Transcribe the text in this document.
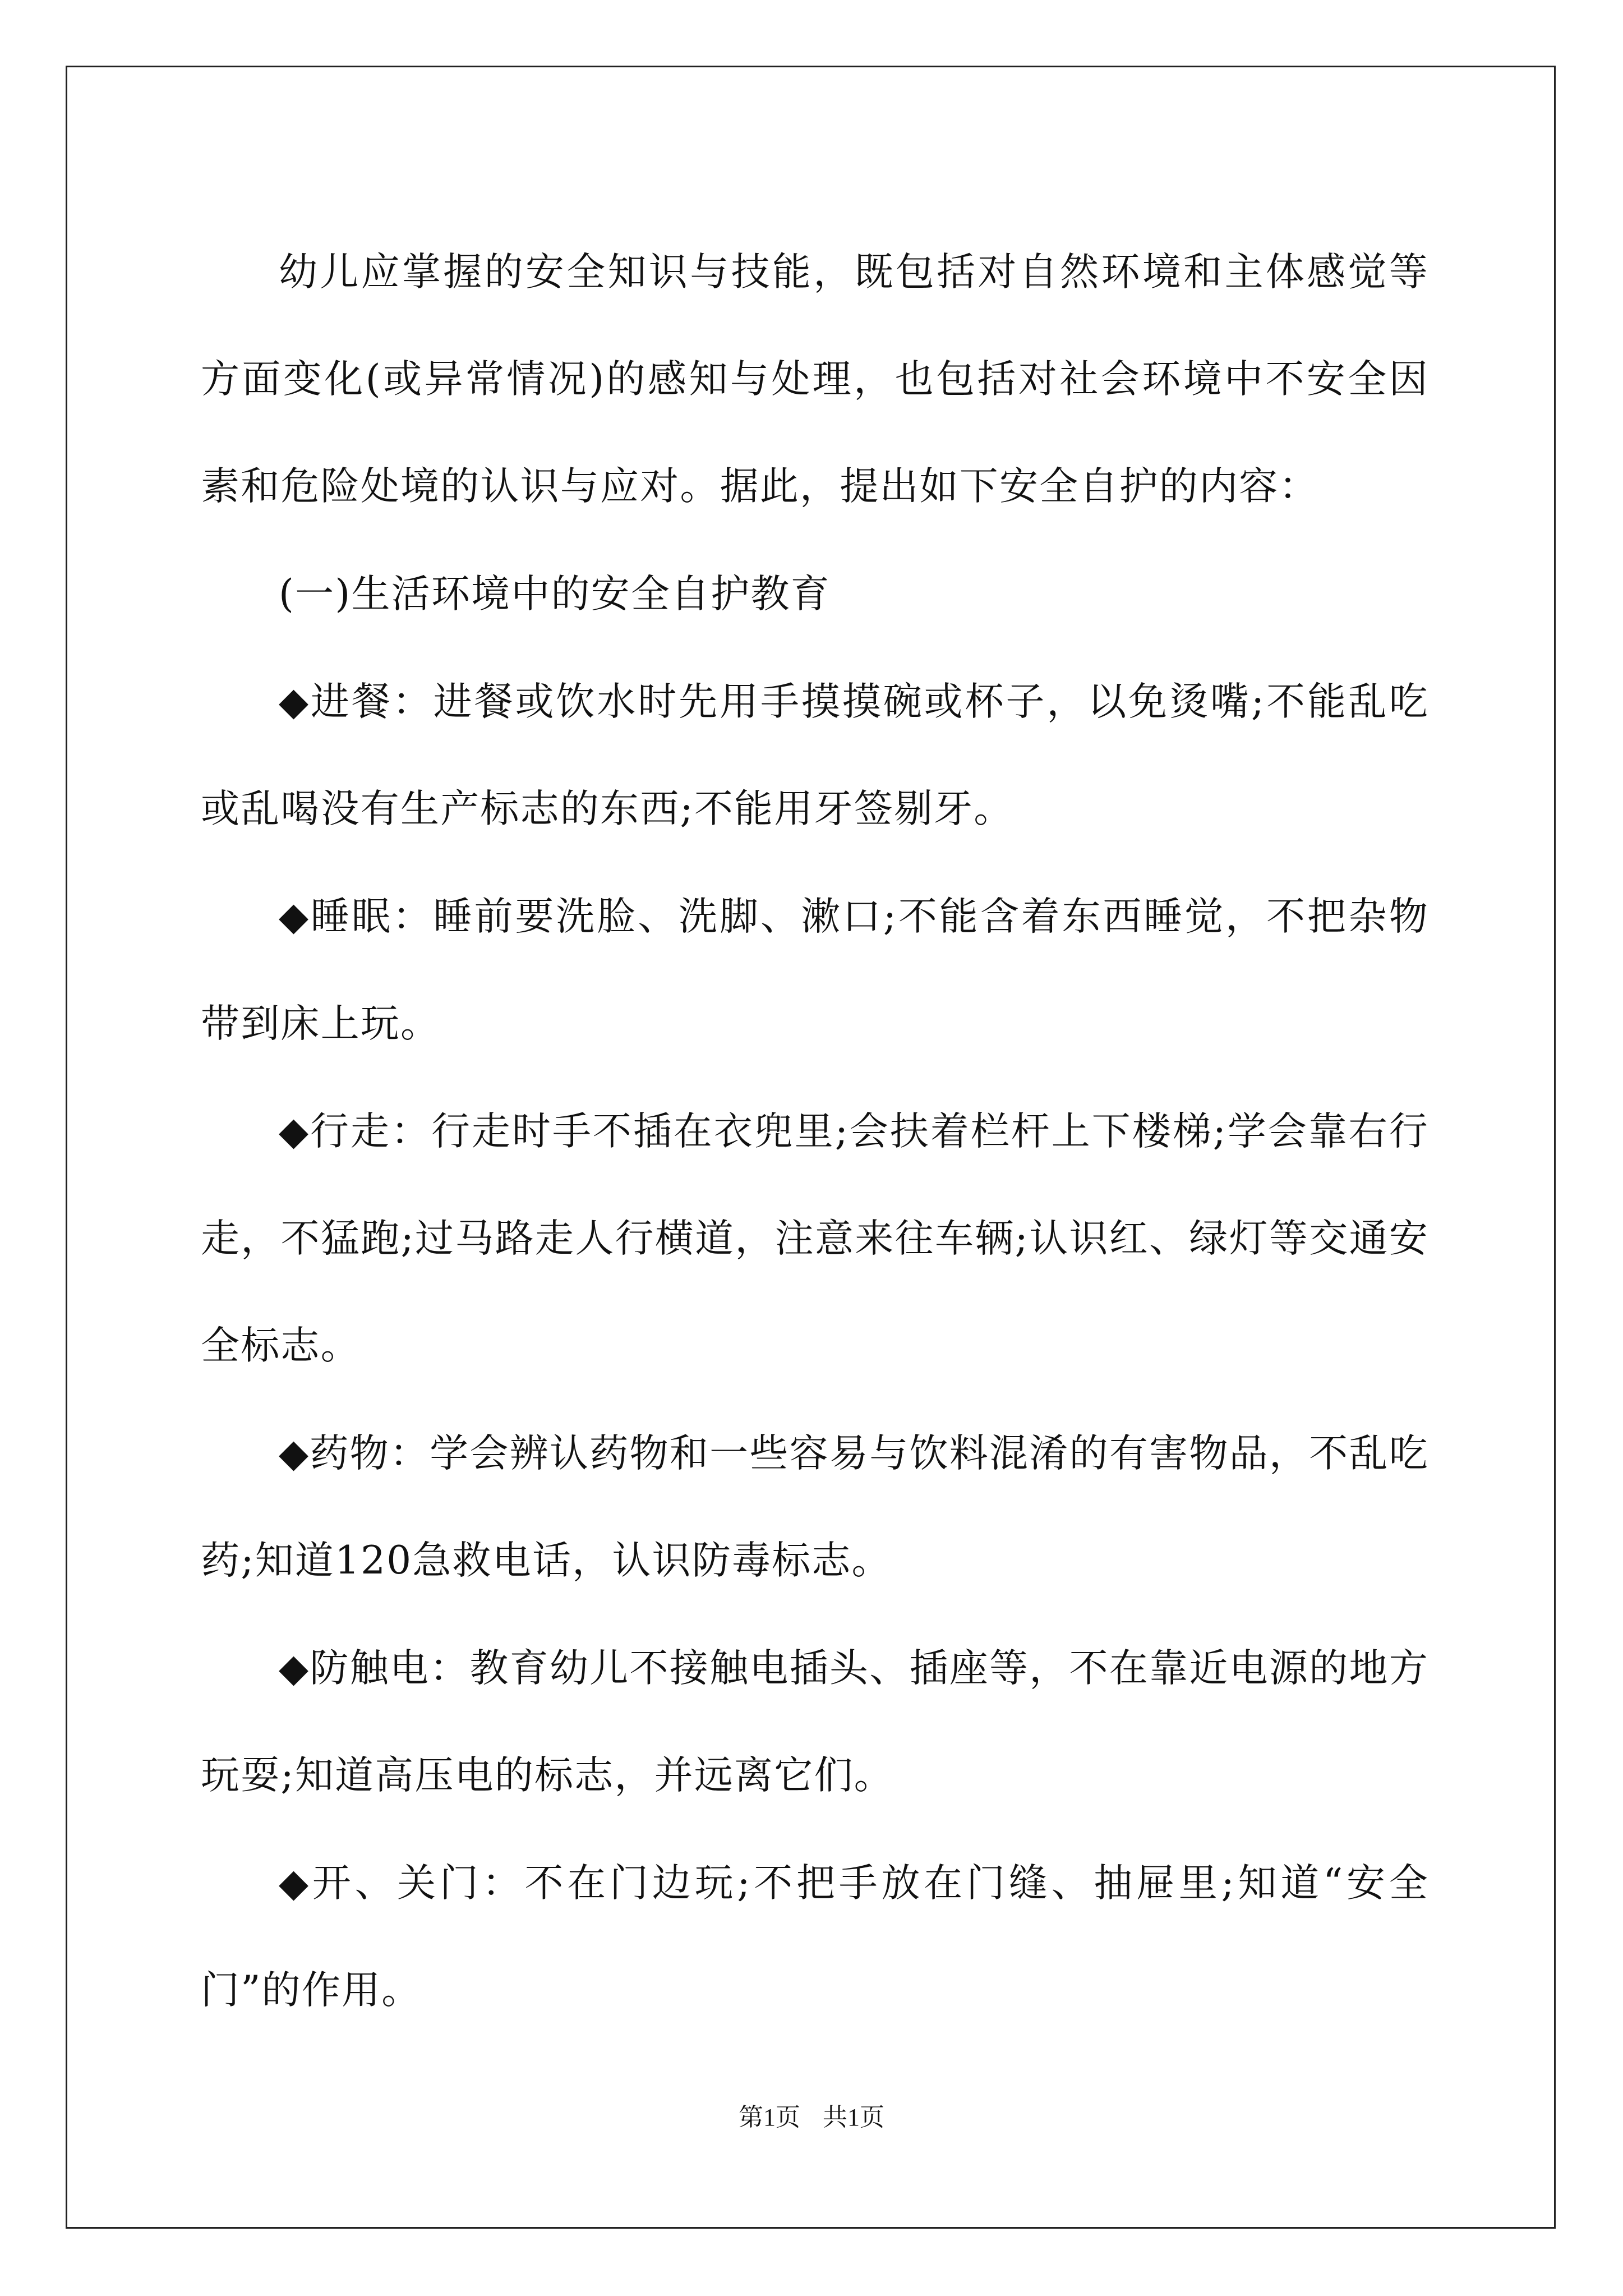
幼儿应掌握的安全知识与技能，既包括对自然环境和主体感觉等方面变化(或异常情况)的感知与处理，也包括对社会环境中不安全因素和危险处境的认识与应对。据此，提出如下安全自护的内容：

(一)生活环境中的安全自护教育

◆进餐：进餐或饮水时先用手摸摸碗或杯子，以免烫嘴;不能乱吃或乱喝没有生产标志的东西;不能用牙签剔牙。

◆睡眠：睡前要洗脸、洗脚、漱口;不能含着东西睡觉，不把杂物带到床上玩。

◆行走：行走时手不插在衣兜里;会扶着栏杆上下楼梯;学会靠右行走，不猛跑;过马路走人行横道，注意来往车辆;认识红、绿灯等交通安全标志。

◆药物：学会辨认药物和一些容易与饮料混淆的有害物品，不乱吃药;知道120急救电话，认识防毒标志。

◆防触电：教育幼儿不接触电插头、插座等，不在靠近电源的地方玩耍;知道高压电的标志，并远离它们。

◆开、关门：不在门边玩;不把手放在门缝、抽屉里;知道“安全门”的作用。

第1页 共1页
